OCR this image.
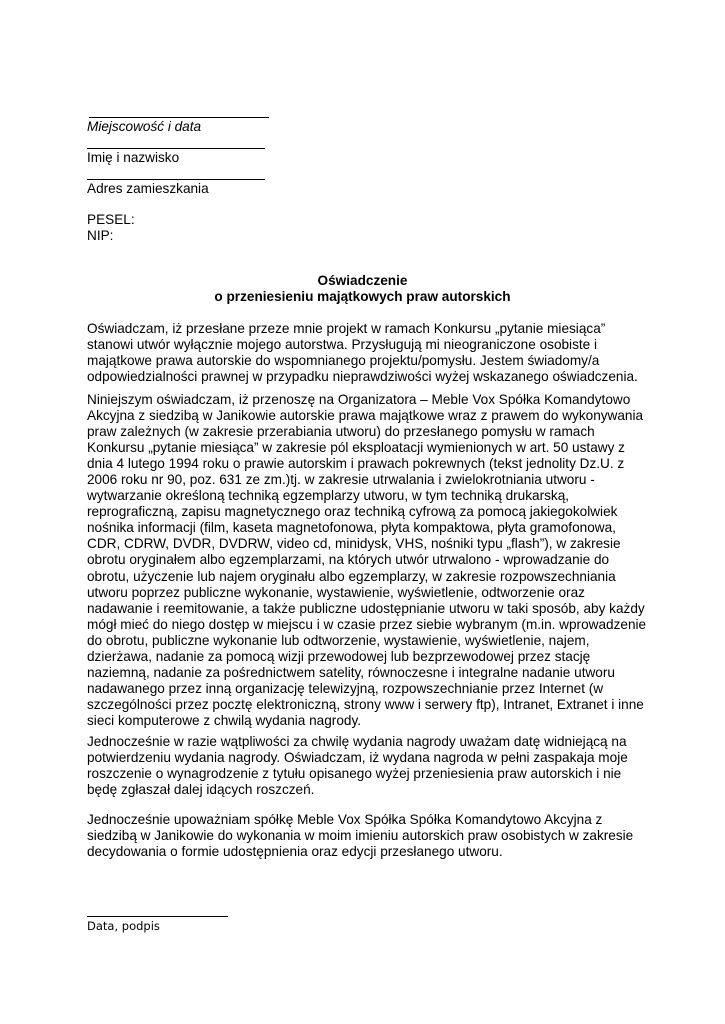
Miejscowość i data
Imię i nazwisko
Adres zamieszkania
PESEL:
NIP:
Oświadczenie
o przeniesieniu majątkowych praw autorskich
Oświadczam, iż przesłane przeze mnie projekt w ramach Konkursu „pytanie miesiąca”
stanowi utwór wyłącznie mojego autorstwa. Przysługują mi nieograniczone osobiste i
majątkowe prawa autorskie do wspomnianego projektu/pomysłu. Jestem świadomy/a
odpowiedzialności prawnej w przypadku nieprawdziwości wyżej wskazanego oświadczenia.
Niniejszym oświadczam, iż przenoszę na Organizatora – Meble Vox Spółka Komandytowo
Akcyjna z siedzibą w Janikowie autorskie prawa majątkowe wraz z prawem do wykonywania
praw zależnych (w zakresie przerabiania utworu) do przesłanego pomysłu w ramach
Konkursu „pytanie miesiąca” w zakresie pól eksploatacji wymienionych w art. 50 ustawy z
dnia 4 lutego 1994 roku o prawie autorskim i prawach pokrewnych (tekst jednolity Dz.U. z
2006 roku nr 90, poz. 631 ze zm.)tj. w zakresie utrwalania i zwielokrotniania utworu -
wytwarzanie określoną techniką egzemplarzy utworu, w tym techniką drukarską,
reprograficzną, zapisu magnetycznego oraz techniką cyfrową za pomocą jakiegokolwiek
nośnika informacji (film, kaseta magnetofonowa, płyta kompaktowa, płyta gramofonowa,
CDR, CDRW, DVDR, DVDRW, video cd, minidysk, VHS, nośniki typu „flash”), w zakresie
obrotu oryginałem albo egzemplarzami, na których utwór utrwalono - wprowadzanie do
obrotu, użyczenie lub najem oryginału albo egzemplarzy, w zakresie rozpowszechniania
utworu poprzez publiczne wykonanie, wystawienie, wyświetlenie, odtworzenie oraz
nadawanie i reemitowanie, a także publiczne udostępnianie utworu w taki sposób, aby każdy
mógł mieć do niego dostęp w miejscu i w czasie przez siebie wybranym (m.in. wprowadzenie
do obrotu, publiczne wykonanie lub odtworzenie, wystawienie, wyświetlenie, najem,
dzierżawa, nadanie za pomocą wizji przewodowej lub bezprzewodowej przez stację
naziemną, nadanie za pośrednictwem satelity, równoczesne i integralne nadanie utworu
nadawanego przez inną organizację telewizyjną, rozpowszechnianie przez Internet (w
szczególności przez pocztę elektroniczną, strony www i serwery ftp), Intranet, Extranet i inne
sieci komputerowe z chwilą wydania nagrody.
Jednocześnie w razie wątpliwości za chwilę wydania nagrody uważam datę widniejącą na
potwierdzeniu wydania nagrody. Oświadczam, iż wydana nagroda w pełni zaspakaja moje
roszczenie o wynagrodzenie z tytułu opisanego wyżej przeniesienia praw autorskich i nie
będę zgłaszał dalej idących roszczeń.
Jednocześnie upoważniam spółkę Meble Vox Spółka Spółka Komandytowo Akcyjna z
siedzibą w Janikowie do wykonania w moim imieniu autorskich praw osobistych w zakresie
decydowania o formie udostępnienia oraz edycji przesłanego utworu.
Data, podpis
